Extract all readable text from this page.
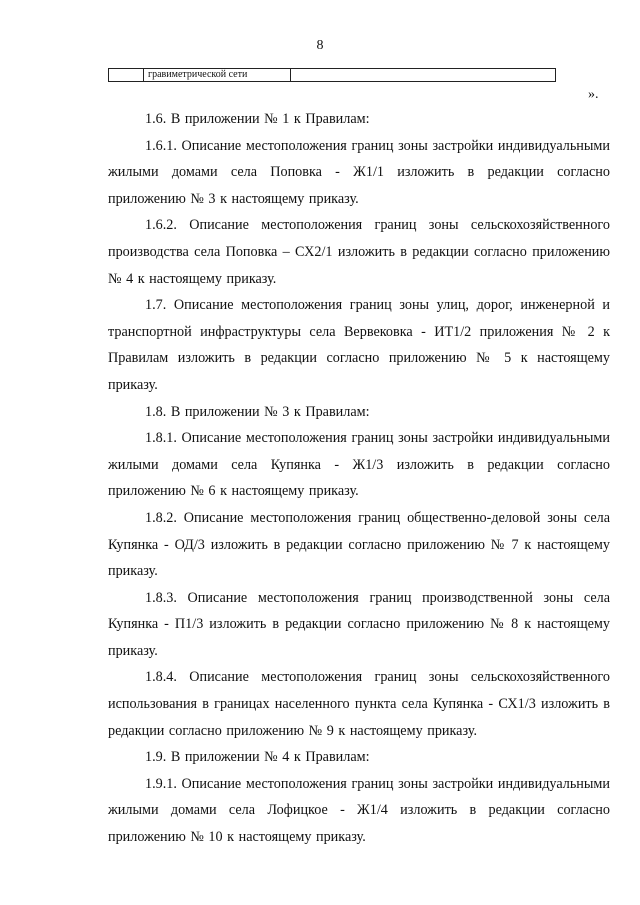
8
	гравиметрической сети	
».

1.6. В приложении № 1 к Правилам:

1.6.1. Описание местоположения границ зоны застройки индивидуальными жилыми домами села Поповка - Ж1/1 изложить в редакции согласно приложению № 3 к настоящему приказу.

1.6.2. Описание местоположения границ зоны сельскохозяйственного производства села Поповка – СХ2/1 изложить в редакции согласно приложению № 4 к настоящему приказу.

1.7. Описание местоположения границ зоны улиц, дорог, инженерной и транспортной инфраструктуры села Вервековка - ИТ1/2 приложения № 2 к Правилам изложить в редакции согласно приложению № 5 к настоящему приказу.

1.8. В приложении № 3 к Правилам:

1.8.1. Описание местоположения границ зоны застройки индивидуальными жилыми домами села Купянка - Ж1/3 изложить в редакции согласно приложению № 6 к настоящему приказу.

1.8.2. Описание местоположения границ общественно-деловой зоны села Купянка - ОД/3 изложить в редакции согласно приложению № 7 к настоящему приказу.

1.8.3. Описание местоположения границ производственной зоны села Купянка - П1/3 изложить в редакции согласно приложению № 8 к настоящему приказу.

1.8.4. Описание местоположения границ зоны сельскохозяйственного использования в границах населенного пункта села Купянка - СХ1/3 изложить в редакции согласно приложению № 9 к настоящему приказу.

1.9. В приложении № 4 к Правилам:

1.9.1. Описание местоположения границ зоны застройки индивидуальными жилыми домами села Лофицкое - Ж1/4 изложить в редакции согласно приложению № 10 к настоящему приказу.
